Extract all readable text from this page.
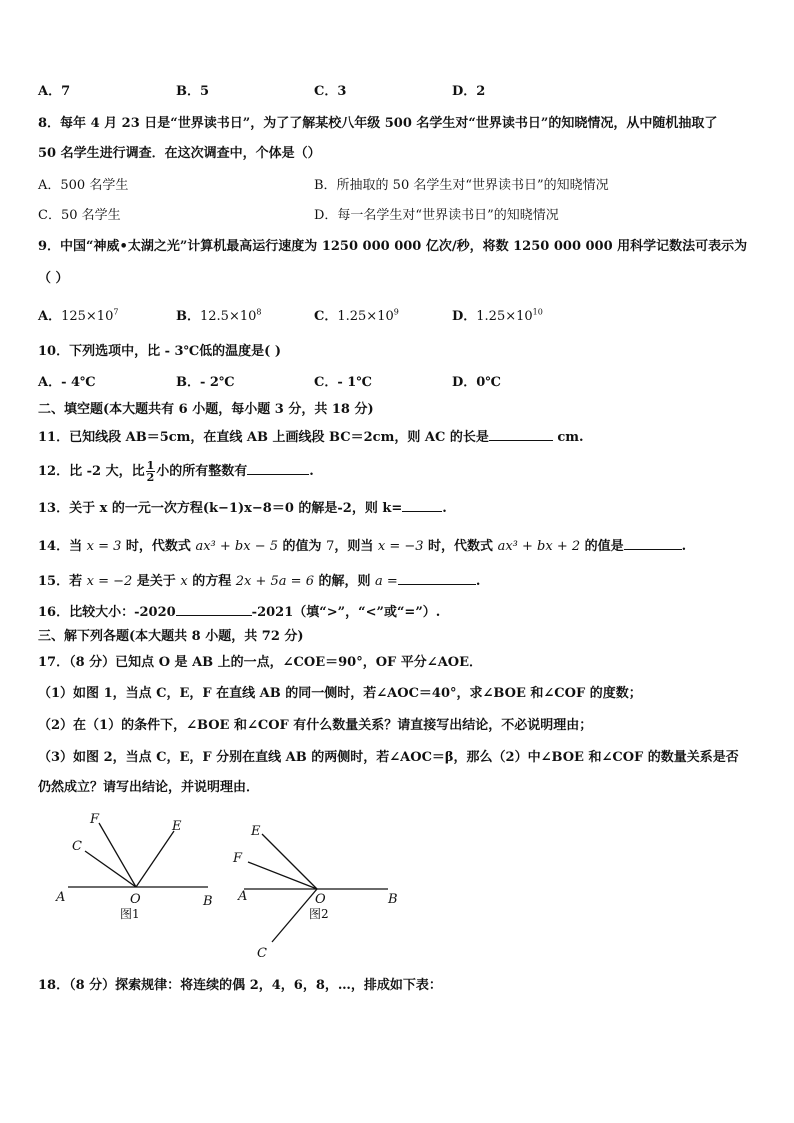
A．7	B．5	C．3	D．2
8．每年 4 月 23 日是“世界读书日”，为了了解某校八年级 500 名学生对“世界读书日”的知晓情况，从中随机抽取了
50 名学生进行调查．在这次调查中，个体是（）
A．500 名学生	B．所抽取的 50 名学生对“世界读书日”的知晓情况
C．50 名学生	D．每一名学生对“世界读书日”的知晓情况
9．中国“神威•太湖之光”计算机最高运行速度为 1250 000 000 亿次/秒，将数 1250 000 000 用科学记数法可表示为
（ ）
A．$125\times 10^7$	B．$12.5\times 10^8$	C．$1.25\times 10^9$	D．$1.25\times 10^{10}$
10．下列选项中，比 - 3℃低的温度是( )
A．- 4℃	B．- 2℃	C．- 1℃	D．0℃
二、填空题(本大题共有 6 小题，每小题 3 分，共 18 分)
11．已知线段 AB＝5cm，在直线 AB 上画线段 BC＝2cm，则 AC 的长是	cm.
12．比 -2 大，比 $\frac{1}{2}$ 小的所有整数有	.
13．关于 x 的一元一次方程(k−1)x−8＝0 的解是-2，则 k=	.
14．当 x = 3 时，代数式 ax³ + bx − 5 的值为 7，则当 x = −3 时，代数式 ax³ + bx + 2 的值是	.
15．若 x = −2 是关于 x 的方程 2x + 5a = 6 的解，则 a =	.
16．比较大小：-2020	-2021（填“>”，“<”或“=”）.
三、解下列各题(本大题共 8 小题，共 72 分)
17．（8 分）已知点 O 是 AB 上的一点，∠COE＝90°，OF 平分∠AOE．
（1）如图 1，当点 C，E，F 在直线 AB 的同一侧时，若∠AOC＝40°，求∠BOE 和∠COF 的度数；
（2）在（1）的条件下，∠BOE 和∠COF 有什么数量关系？请直接写出结论，不必说明理由；
（3）如图 2，当点 C，E，F 分别在直线 AB 的两侧时，若∠AOC＝β，那么（2）中∠BOE 和∠COF 的数量关系是否
仍然成立？请写出结论，并说明理由．
A	B
O
C
F	E
图1
A	B
O
E
F
C
图2
18．（8 分）探索规律：将连续的偶 2，4，6，8，…，排成如下表：
